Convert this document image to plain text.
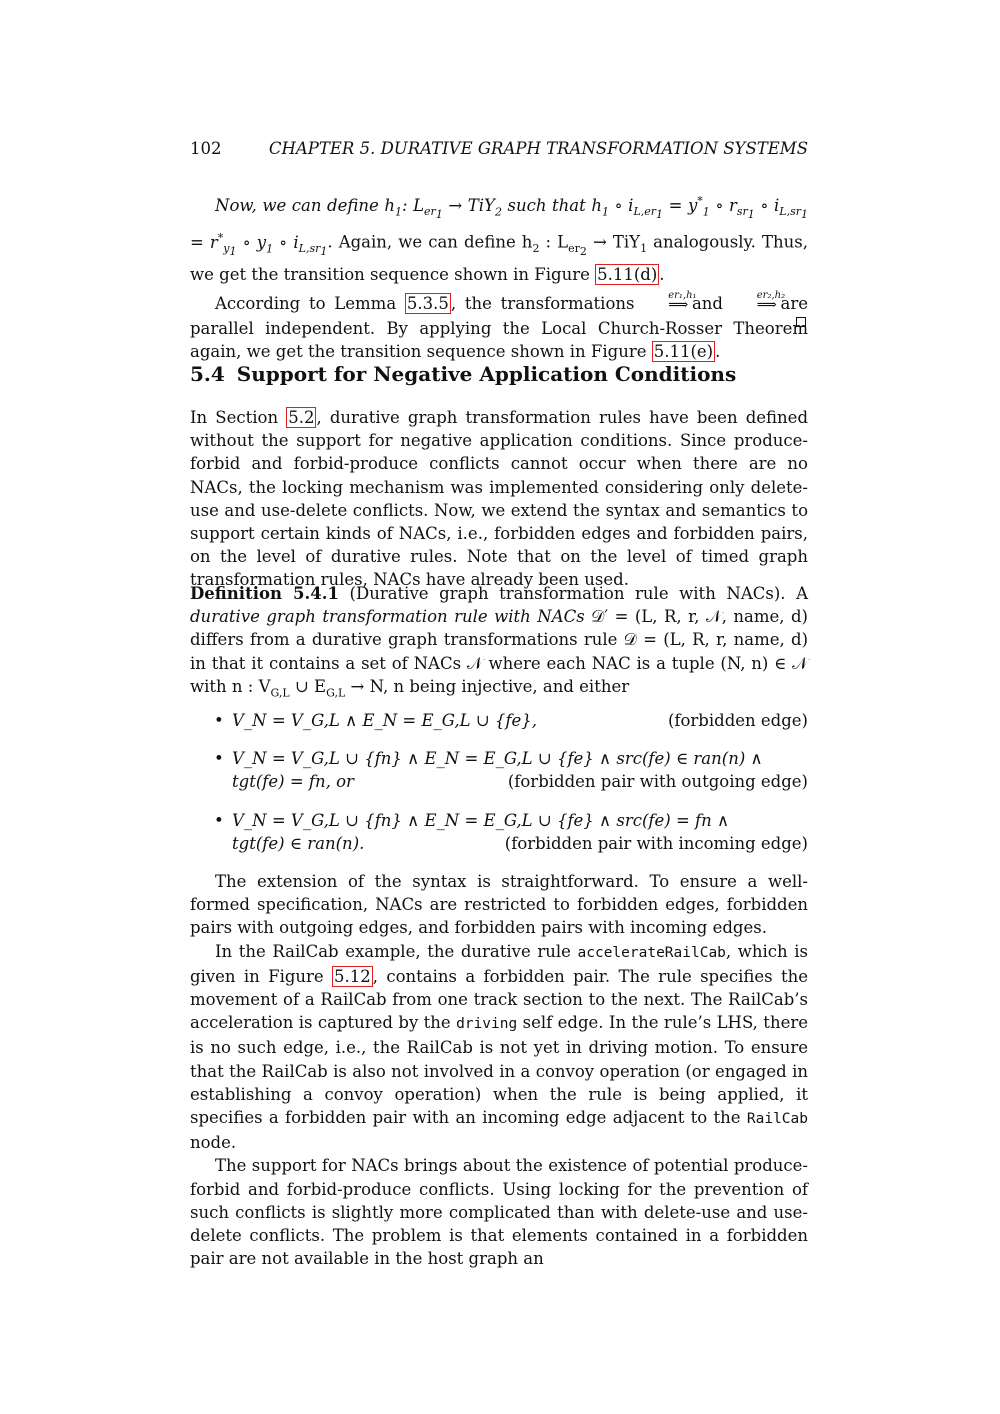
102	CHAPTER 5. DURATIVE GRAPH TRANSFORMATION SYSTEMS

Now, we can define $h_1$: $L_{er_1} \to TiY_2$ such that $h_1$ ∘ $i_{L,er_1} = y^*_1$ ∘ $r_{sr_1}$ ∘ $i_{L,sr_1} = r^*_{y_1}$ ∘ $y_1$ ∘ $i_{L,sr_1}$. Again, we can define $h_2$ : $L_{er_2} \to TiY_1$ analogously. Thus, we get the transition sequence shown in Figure 5.11(d) .

According to Lemma 5.3.5 , the transformations	er₁,h₁
⟹ and	er₂,h₂
⟹ are parallel independent. By applying the Local Church-Rosser Theorem again, we get the transition sequence shown in Figure 5.11(e) .

5.4 Support for Negative Application Conditions

In Section 5.2 , durative graph transformation rules have been defined without the support for negative application conditions. Since produce-forbid and forbid-produce conflicts cannot occur when there are no NACs, the locking mechanism was implemented considering only delete-use and use-delete conflicts. Now, we extend the syntax and semantics to support certain kinds of NACs, i.e., forbidden edges and forbidden pairs, on the level of durative rules. Note that on the level of timed graph transformation rules, NACs have already been used.

Definition 5.4.1 (Durative graph transformation rule with NACs). A durative graph transformation rule with NACs 𝒟′ = (L, R, r, 𝒩, name, d) differs from a durative graph transformations rule 𝒟 = (L, R, r, name, d) in that it contains a set of NACs 𝒩 where each NAC is a tuple (N, n) ∈ 𝒩 with n : $V_{G,L}$ ∪ $E_{G,L} \to N$, n being injective, and either

• (forbidden edge)
V_N = V_G,L ∧ E_N = E_G,L ∪ {fe},
• V_N = V_G,L ∪ {fn} ∧ E_N = E_G,L ∪ {fe} ∧ src(fe) ∈ ran(n) ∧
(forbidden pair with outgoing edge)
tgt(fe) = fn, or
• V_N = V_G,L ∪ {fn} ∧ E_N = E_G,L ∪ {fe} ∧ src(fe) = fn ∧
(forbidden pair with incoming edge)
tgt(fe) ∈ ran(n).

The extension of the syntax is straightforward. To ensure a well-formed specification, NACs are restricted to forbidden edges, forbidden pairs with outgoing edges, and forbidden pairs with incoming edges.

In the RailCab example, the durative rule accelerateRailCab, which is given in Figure 5.12 , contains a forbidden pair. The rule specifies the movement of a RailCab from one track section to the next. The RailCab’s acceleration is captured by the driving self edge. In the rule’s LHS, there is no such edge, i.e., the RailCab is not yet in driving motion. To ensure that the RailCab is also not involved in a convoy operation (or engaged in establishing a convoy operation) when the rule is being applied, it specifies a forbidden pair with an incoming edge adjacent to the RailCab node.

The support for NACs brings about the existence of potential produce-forbid and forbid-produce conflicts. Using locking for the prevention of such conflicts is slightly more complicated than with delete-use and use-delete conflicts. The problem is that elements contained in a forbidden pair are not available in the host graph an
